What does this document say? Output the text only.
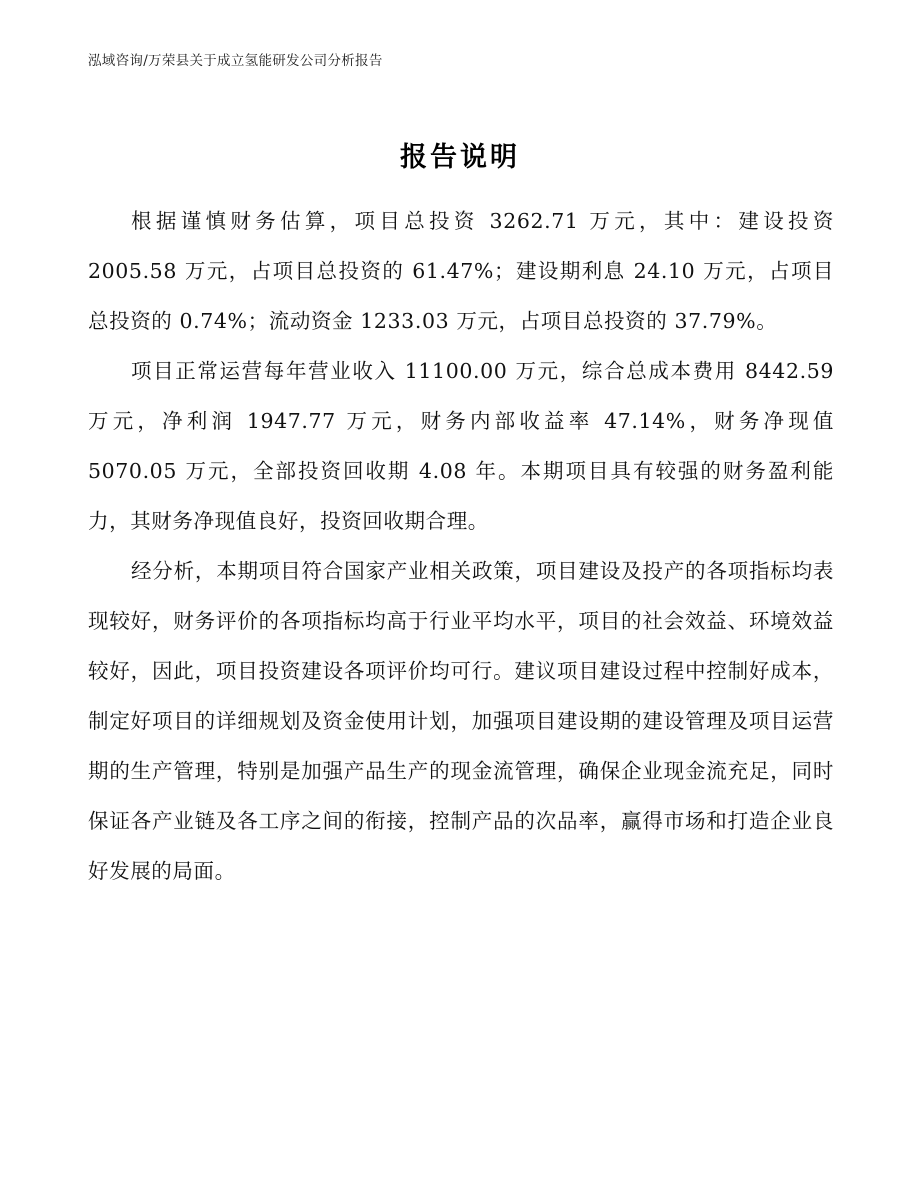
泓域咨询/万荣县关于成立氢能研发公司分析报告
报告说明

根据谨慎财务估算，项目总投资 3262.71 万元，其中：建设投资 2005.58 万元，占项目总投资的 61.47%；建设期利息 24.10 万元，占项目总投资的 0.74%；流动资金 1233.03 万元，占项目总投资的 37.79%。

项目正常运营每年营业收入 11100.00 万元，综合总成本费用 8442.59 万元，净利润 1947.77 万元，财务内部收益率 47.14%，财务净现值 5070.05 万元，全部投资回收期 4.08 年。本期项目具有较强的财务盈利能力，其财务净现值良好，投资回收期合理。

经分析，本期项目符合国家产业相关政策，项目建设及投产的各项指标均表现较好，财务评价的各项指标均高于行业平均水平，项目的社会效益、环境效益较好，因此，项目投资建设各项评价均可行。建议项目建设过程中控制好成本，制定好项目的详细规划及资金使用计划，加强项目建设期的建设管理及项目运营期的生产管理，特别是加强产品生产的现金流管理，确保企业现金流充足，同时保证各产业链及各工序之间的衔接，控制产品的次品率，赢得市场和打造企业良好发展的局面。
